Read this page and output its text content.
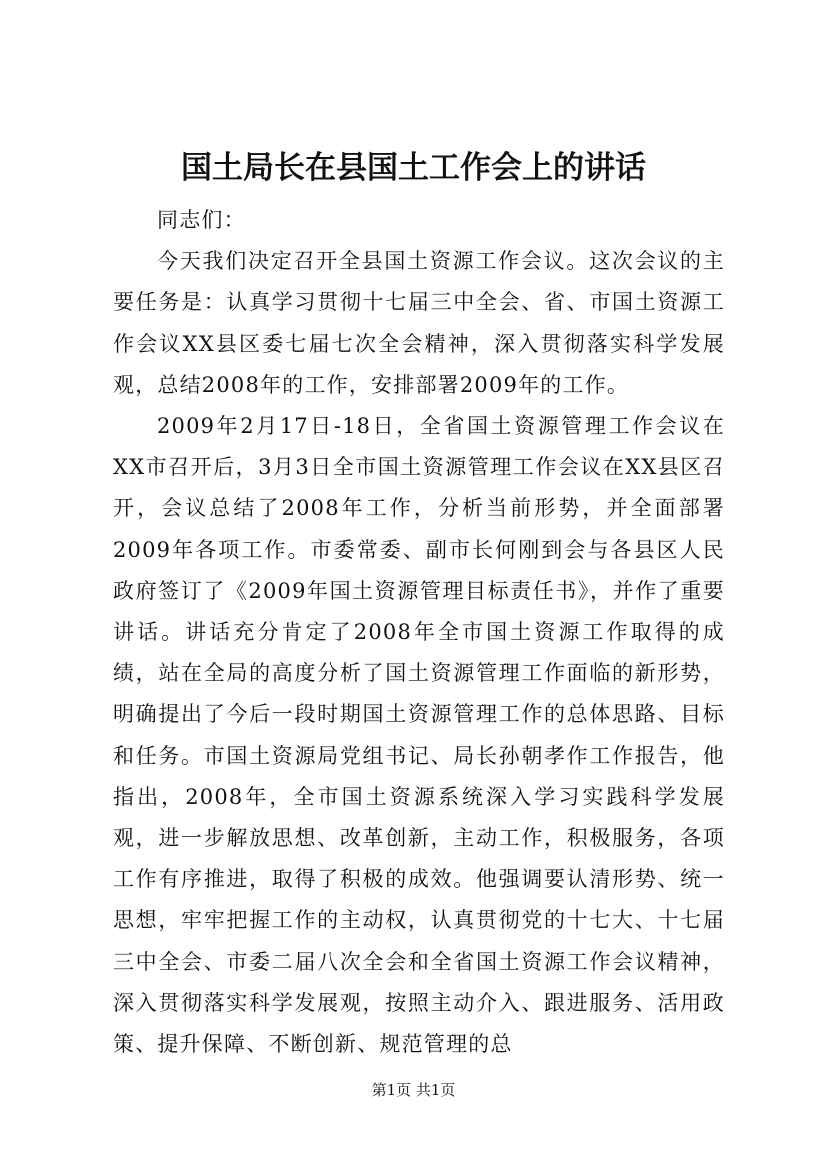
国土局长在县国土工作会上的讲话

同志们：

今天我们决定召开全县国土资源工作会议。这次会议的主要任务是：认真学习贯彻十七届三中全会、省、市国土资源工作会议XX县区委七届七次全会精神，深入贯彻落实科学发展观，总结2008年的工作，安排部署2009年的工作。

2009年2月17日-18日，全省国土资源管理工作会议在XX市召开后，3月3日全市国土资源管理工作会议在XX县区召开，会议总结了2008年工作，分析当前形势，并全面部署2009年各项工作。市委常委、副市长何刚到会与各县区人民政府签订了《2009年国土资源管理目标责任书》，并作了重要讲话。讲话充分肯定了2008年全市国土资源工作取得的成绩，站在全局的高度分析了国土资源管理工作面临的新形势，明确提出了今后一段时期国土资源管理工作的总体思路、目标和任务。市国土资源局党组书记、局长孙朝孝作工作报告，他指出，2008年，全市国土资源系统深入学习实践科学发展观，进一步解放思想、改革创新，主动工作，积极服务，各项工作有序推进，取得了积极的成效。他强调要认清形势、统一思想，牢牢把握工作的主动权，认真贯彻党的十七大、十七届三中全会、市委二届八次全会和全省国土资源工作会议精神，深入贯彻落实科学发展观，按照主动介入、跟进服务、活用政策、提升保障、不断创新、规范管理的总

第1页 共1页
